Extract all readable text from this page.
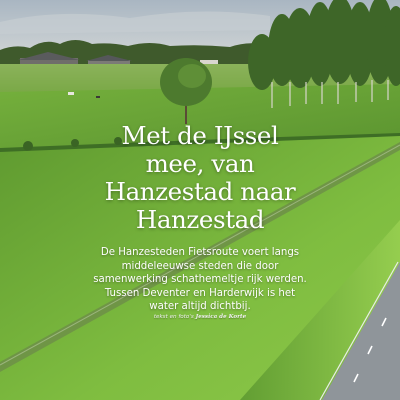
Met de IJssel
mee, van
Hanzestad naar
Hanzestad

De Hanzesteden Fietsroute voert langs
middeleeuwse steden die door
samenwerking schathemeltje rijk werden.
Tussen Deventer en Harderwijk is het
water altijd dichtbij.

tekst en foto's Jessica de Korte
